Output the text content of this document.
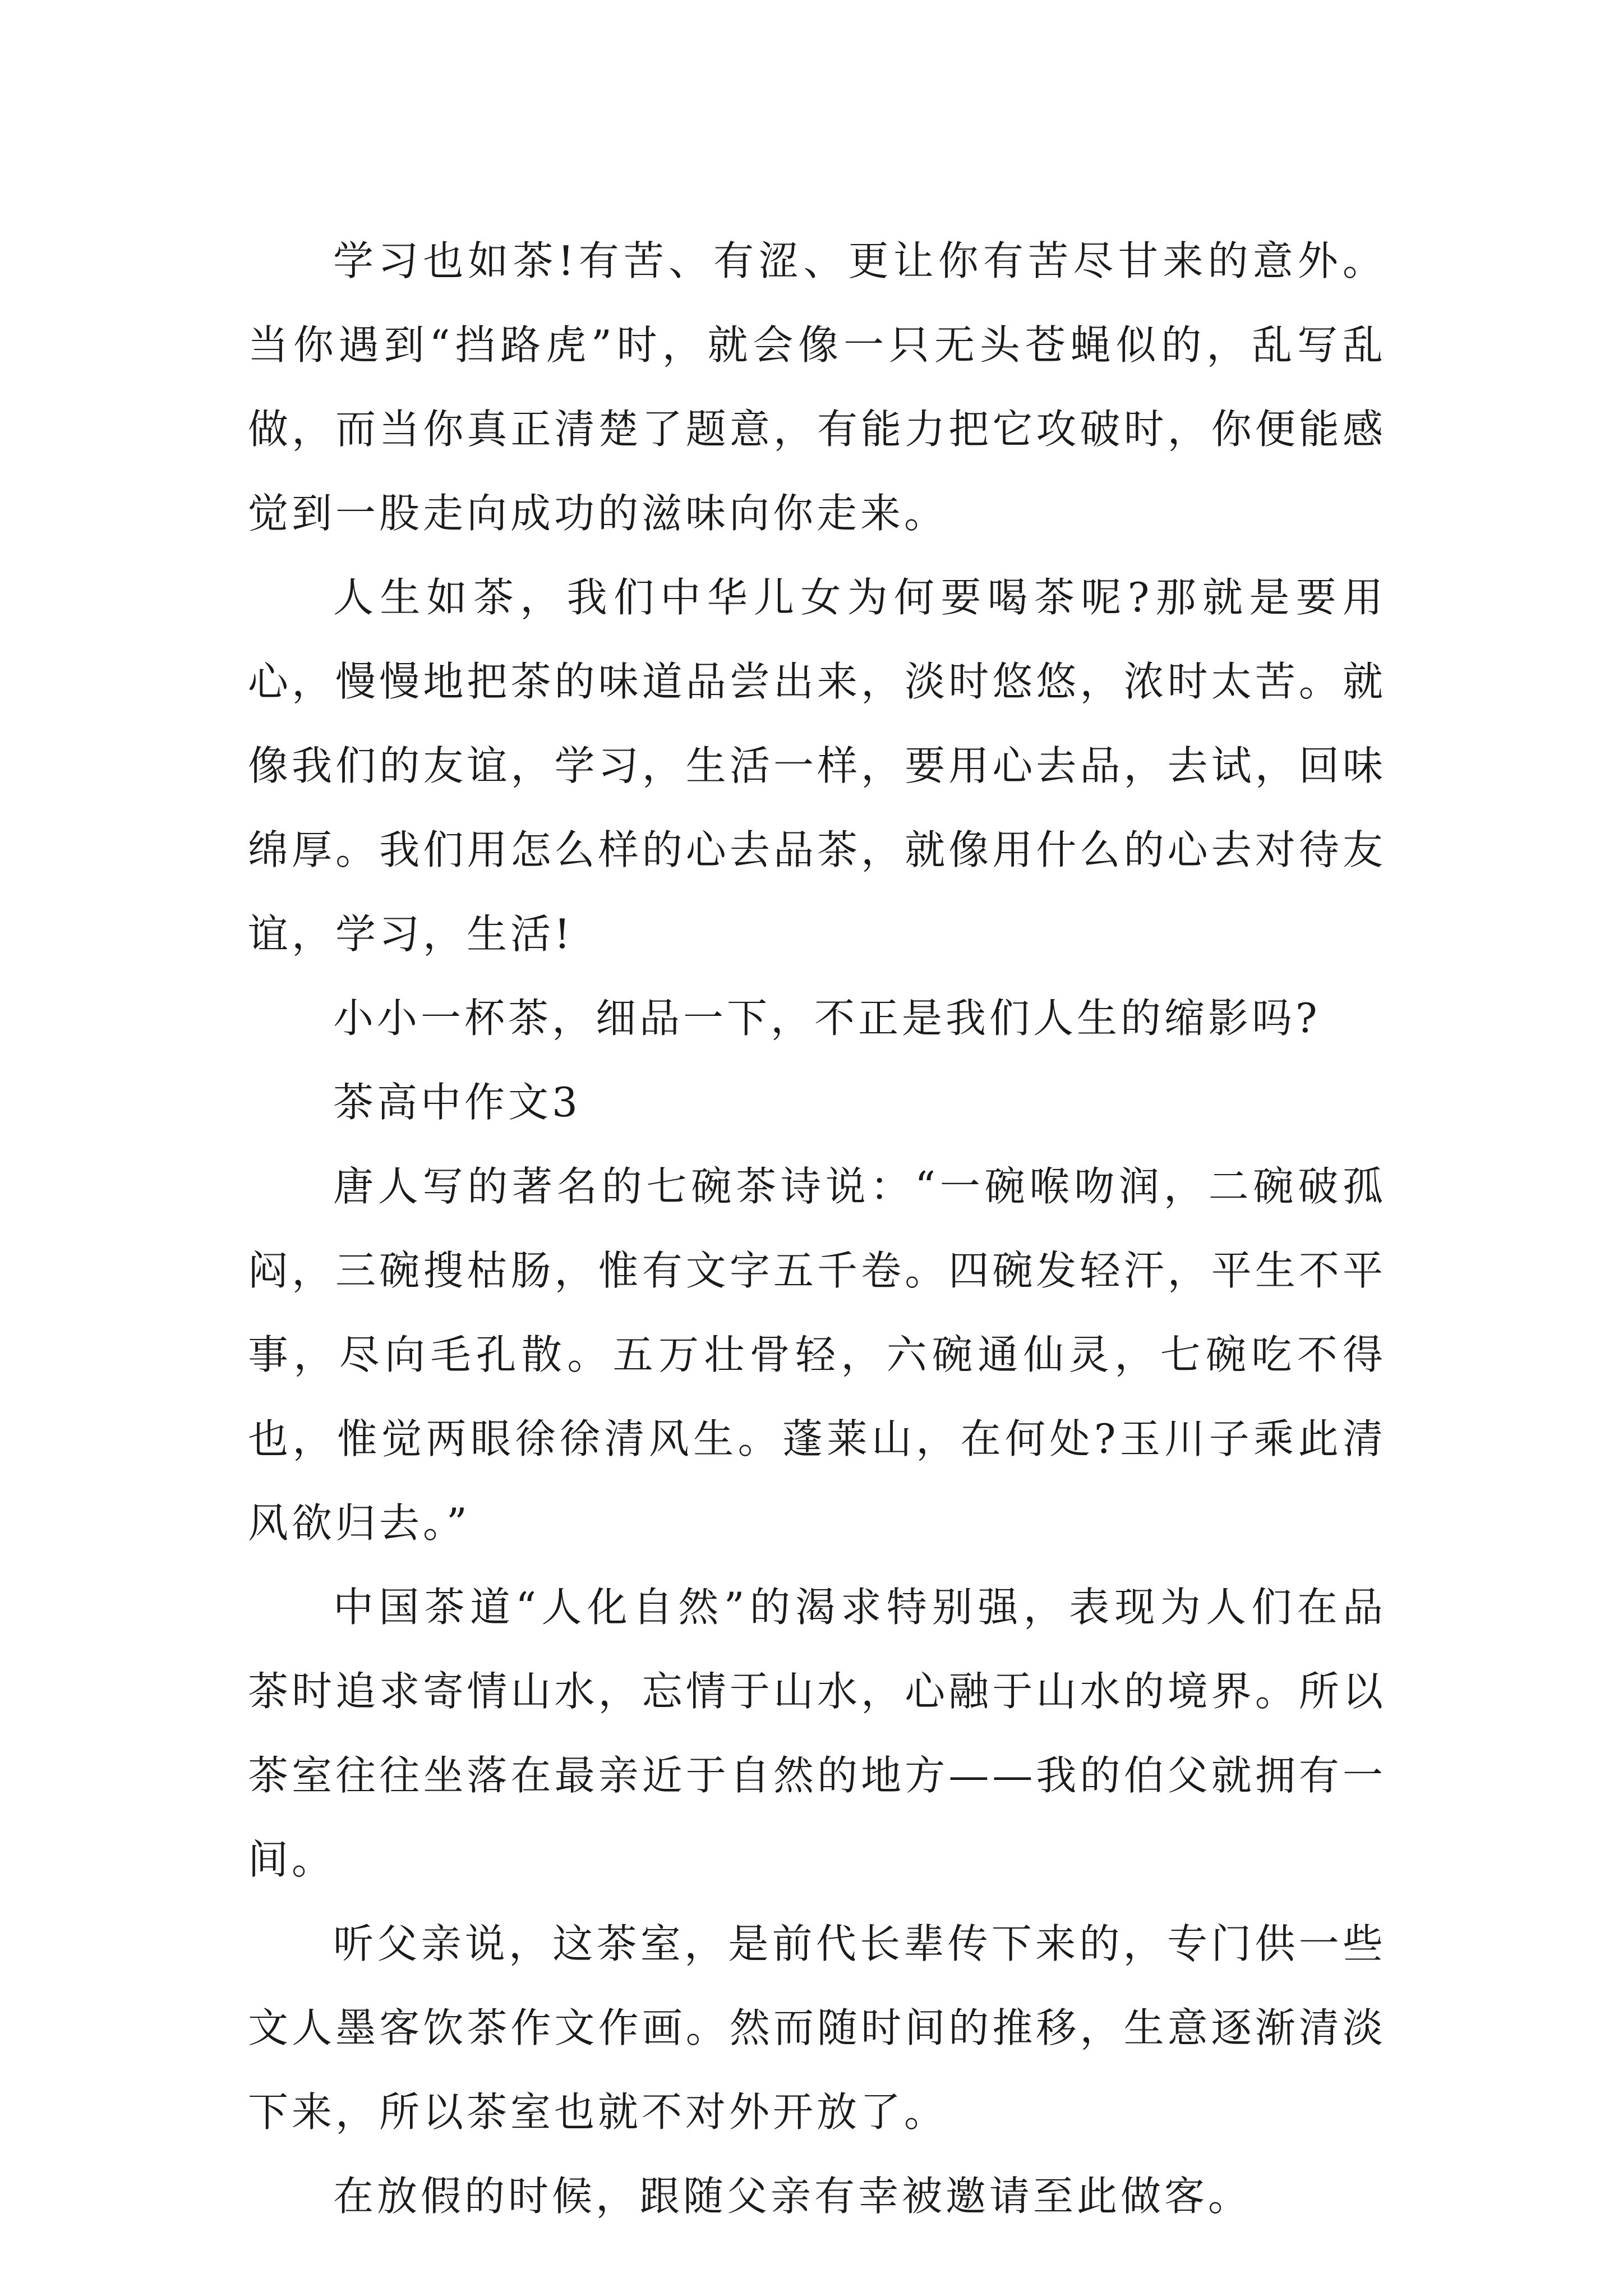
学习也如茶!有苦、有涩、更让你有苦尽甘来的意外。当你遇到“挡路虎”时，就会像一只无头苍蝇似的，乱写乱做，而当你真正清楚了题意，有能力把它攻破时，你便能感觉到一股走向成功的滋味向你走来。

人生如茶，我们中华儿女为何要喝茶呢?那就是要用心，慢慢地把茶的味道品尝出来，淡时悠悠，浓时太苦。就像我们的友谊，学习，生活一样，要用心去品，去试，回味绵厚。我们用怎么样的心去品茶，就像用什么的心去对待友谊，学习，生活!

小小一杯茶，细品一下，不正是我们人生的缩影吗?

茶高中作文3

唐人写的著名的七碗茶诗说：“一碗喉吻润，二碗破孤闷，三碗搜枯肠，惟有文字五千卷。四碗发轻汗，平生不平事，尽向毛孔散。五万壮骨轻，六碗通仙灵，七碗吃不得也，惟觉两眼徐徐清风生。蓬莱山，在何处?玉川子乘此清风欲归去。”

中国茶道“人化自然”的渴求特别强，表现为人们在品茶时追求寄情山水，忘情于山水，心融于山水的境界。所以茶室往往坐落在最亲近于自然的地方——我的伯父就拥有一间。

听父亲说，这茶室，是前代长辈传下来的，专门供一些文人墨客饮茶作文作画。然而随时间的推移，生意逐渐清淡下来，所以茶室也就不对外开放了。

在放假的时候，跟随父亲有幸被邀请至此做客。
